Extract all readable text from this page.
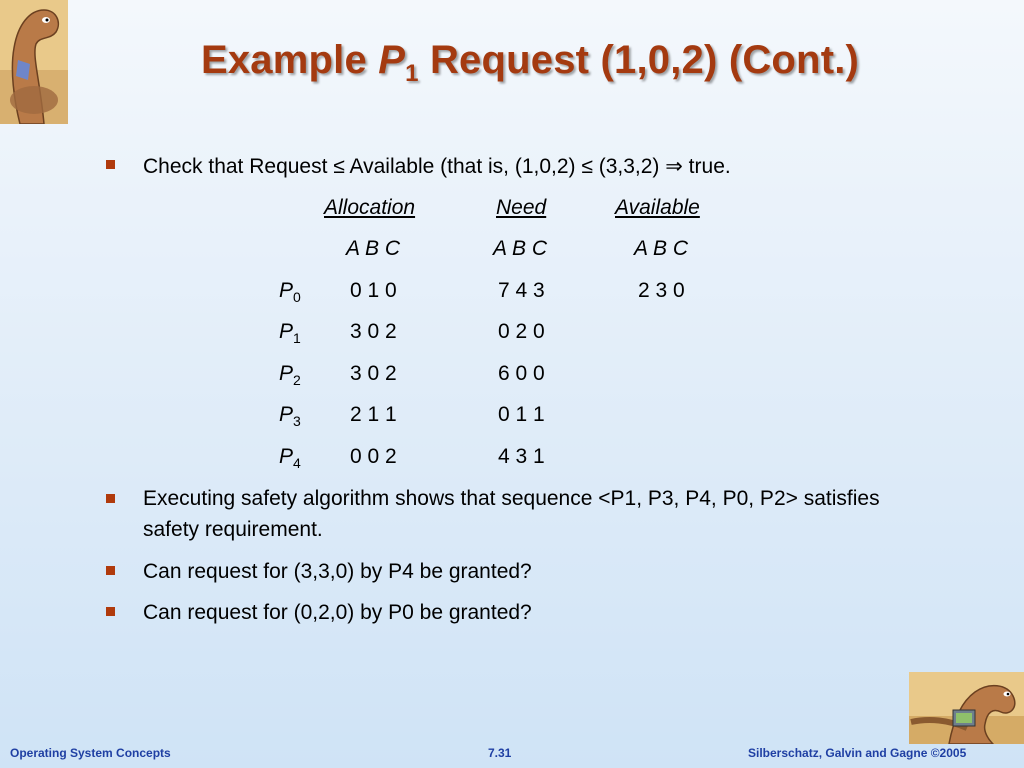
Example $P_1$ Request (1,0,2) (Cont.)
Check that Request ≤ Available (that is, (1,0,2) ≤ (3,3,2) ⇒ true.
Allocation	Need	Available
A B C	A B C	A B C
$P_0$ 0 1 0	7 4 3	2 3 0
$P_1$ 3 0 2	0 2 0
$P_2$ 3 0 2	6 0 0
$P_3$ 2 1 1	0 1 1
$P_4$ 0 0 2	4 3 1
Executing safety algorithm shows that sequence <P1, P3, P4, P0, P2> satisfies safety requirement.
Can request for (3,3,0) by P4 be granted?
Can request for (0,2,0) by P0 be granted?
Operating System Concepts	7.31	Silberschatz, Galvin and Gagne ©2005
